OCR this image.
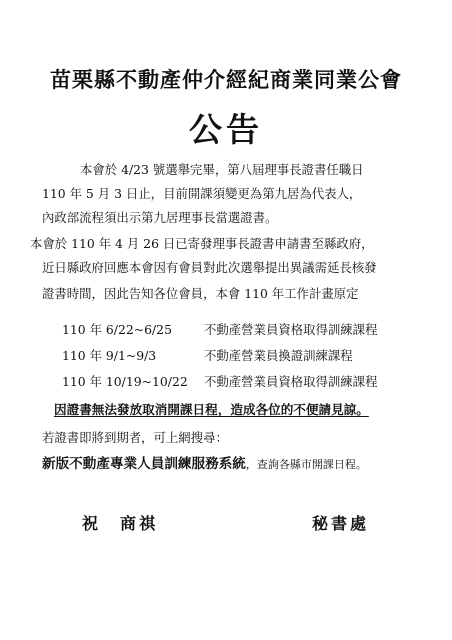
苗栗縣不動產仲介經紀商業同業公會
公告
本會於 4/23 號選舉完畢，第八屆理事長證書任職日
110 年 5 月 3 日止，目前開課須變更為第九居為代表人，
內政部流程須出示第九居理事長當選證書。
本會於 110 年 4 月 26 日已寄發理事長證書申請書至縣政府，
近日縣政府回應本會因有會員對此次選舉提出異議需延長核發
證書時間，因此告知各位會員，本會 110 年工作計畫原定
110 年 6/22~6/25	不動產營業員資格取得訓練課程
110 年 9/1~9/3	不動產營業員換證訓練課程
110 年 10/19~10/22 不動產營業員資格取得訓練課程
因證書無法發放取消開課日程，造成各位的不便請見諒。
若證書即將到期者，可上網搜尋：
新版不動產專業人員訓練服務系統，查詢各縣市開課日程。
祝　商祺	秘書處
